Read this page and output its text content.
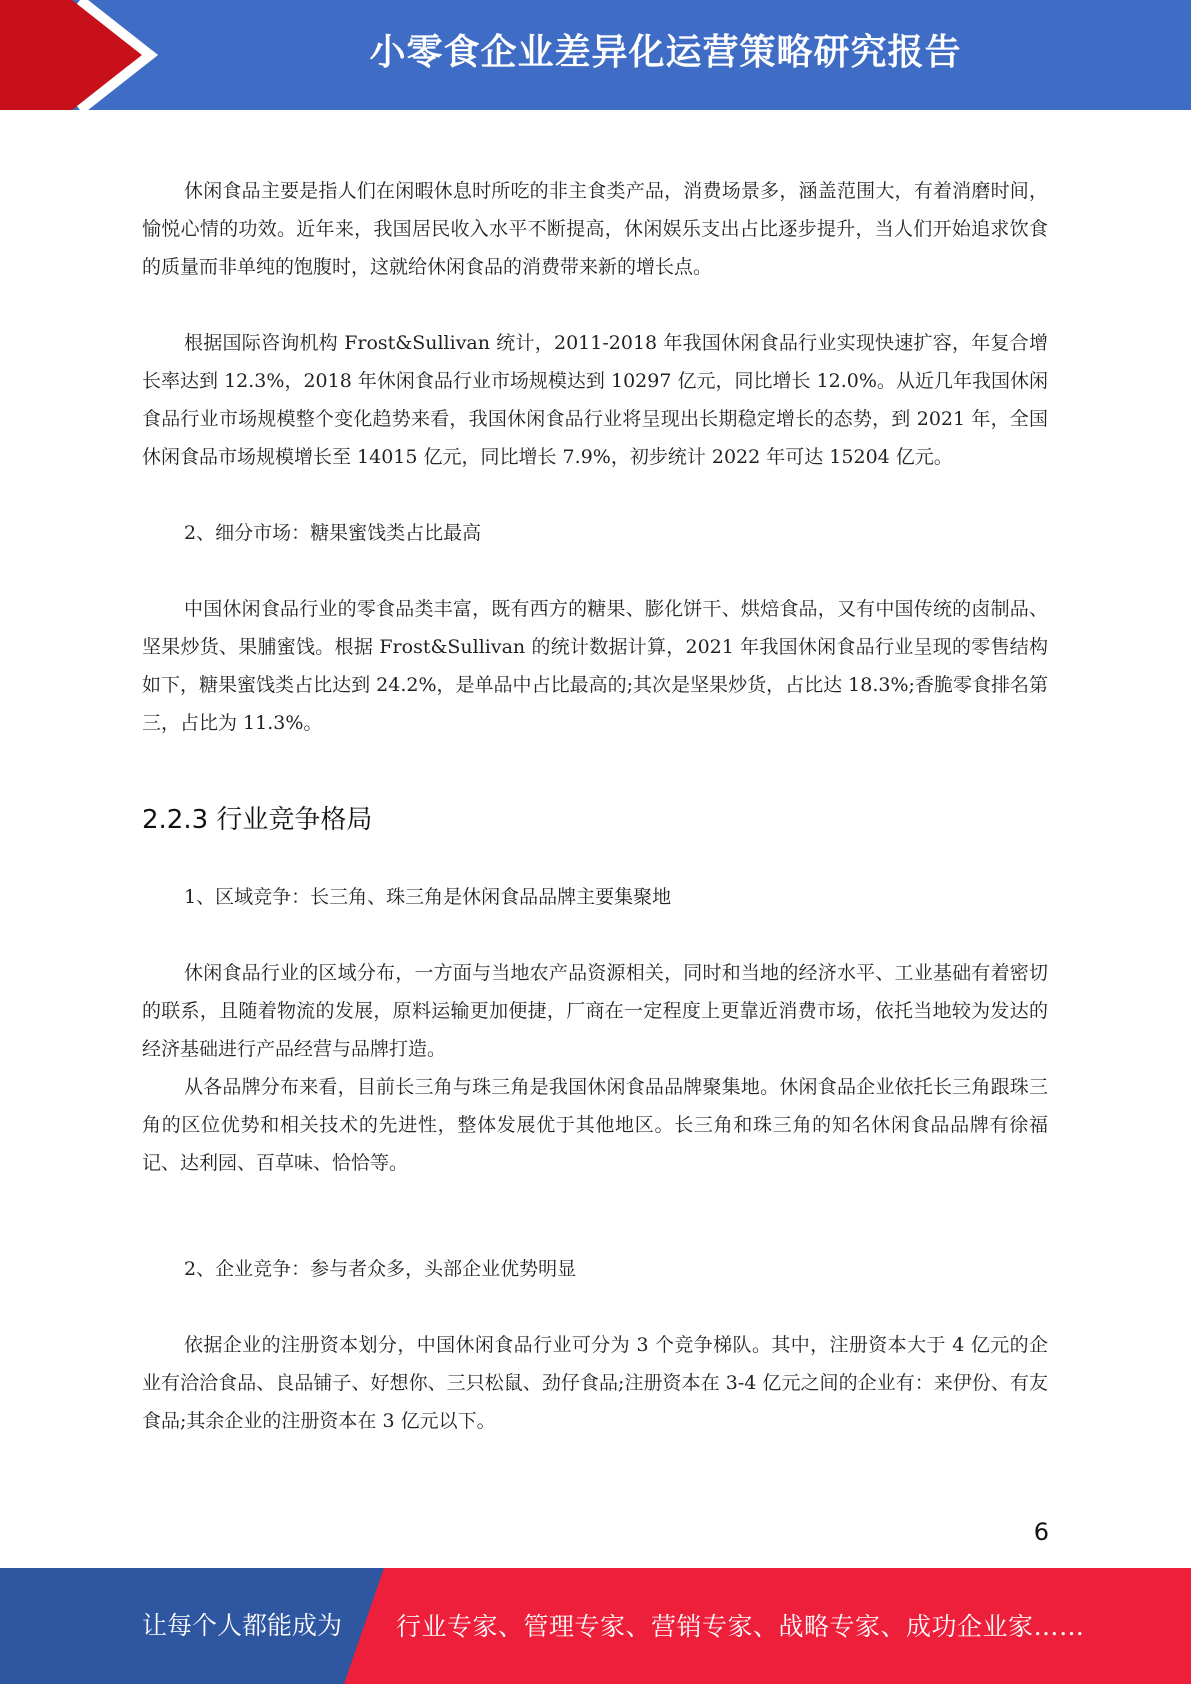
小零食企业差异化运营策略研究报告

休闲食品主要是指人们在闲暇休息时所吃的非主食类产品，消费场景多，涵盖范围大，有着消磨时间，愉悦心情的功效。近年来，我国居民收入水平不断提高，休闲娱乐支出占比逐步提升，当人们开始追求饮食的质量而非单纯的饱腹时，这就给休闲食品的消费带来新的增长点。

根据国际咨询机构 Frost&Sullivan 统计，2011-2018 年我国休闲食品行业实现快速扩容，年复合增长率达到 12.3%，2018 年休闲食品行业市场规模达到 10297 亿元，同比增长 12.0%。从近几年我国休闲食品行业市场规模整个变化趋势来看，我国休闲食品行业将呈现出长期稳定增长的态势，到 2021 年，全国休闲食品市场规模增长至 14015 亿元，同比增长 7.9%，初步统计 2022 年可达 15204 亿元。

2、细分市场：糖果蜜饯类占比最高

中国休闲食品行业的零食品类丰富，既有西方的糖果、膨化饼干、烘焙食品，又有中国传统的卤制品、坚果炒货、果脯蜜饯。根据 Frost&Sullivan 的统计数据计算，2021 年我国休闲食品行业呈现的零售结构如下，糖果蜜饯类占比达到 24.2%，是单品中占比最高的;其次是坚果炒货，占比达 18.3%;香脆零食排名第三，占比为 11.3%。

2.2.3 行业竞争格局

1、区域竞争：长三角、珠三角是休闲食品品牌主要集聚地

休闲食品行业的区域分布，一方面与当地农产品资源相关，同时和当地的经济水平、工业基础有着密切的联系，且随着物流的发展，原料运输更加便捷，厂商在一定程度上更靠近消费市场，依托当地较为发达的经济基础进行产品经营与品牌打造。

从各品牌分布来看，目前长三角与珠三角是我国休闲食品品牌聚集地。休闲食品企业依托长三角跟珠三角的区位优势和相关技术的先进性，整体发展优于其他地区。长三角和珠三角的知名休闲食品品牌有徐福记、达利园、百草味、恰恰等。

2、企业竞争：参与者众多，头部企业优势明显

依据企业的注册资本划分，中国休闲食品行业可分为 3 个竞争梯队。其中，注册资本大于 4 亿元的企业有洽洽食品、良品铺子、好想你、三只松鼠、劲仔食品;注册资本在 3-4 亿元之间的企业有：来伊份、有友食品;其余企业的注册资本在 3 亿元以下。

6
让每个人都能成为 行业专家、管理专家、营销专家、战略专家、成功企业家……
